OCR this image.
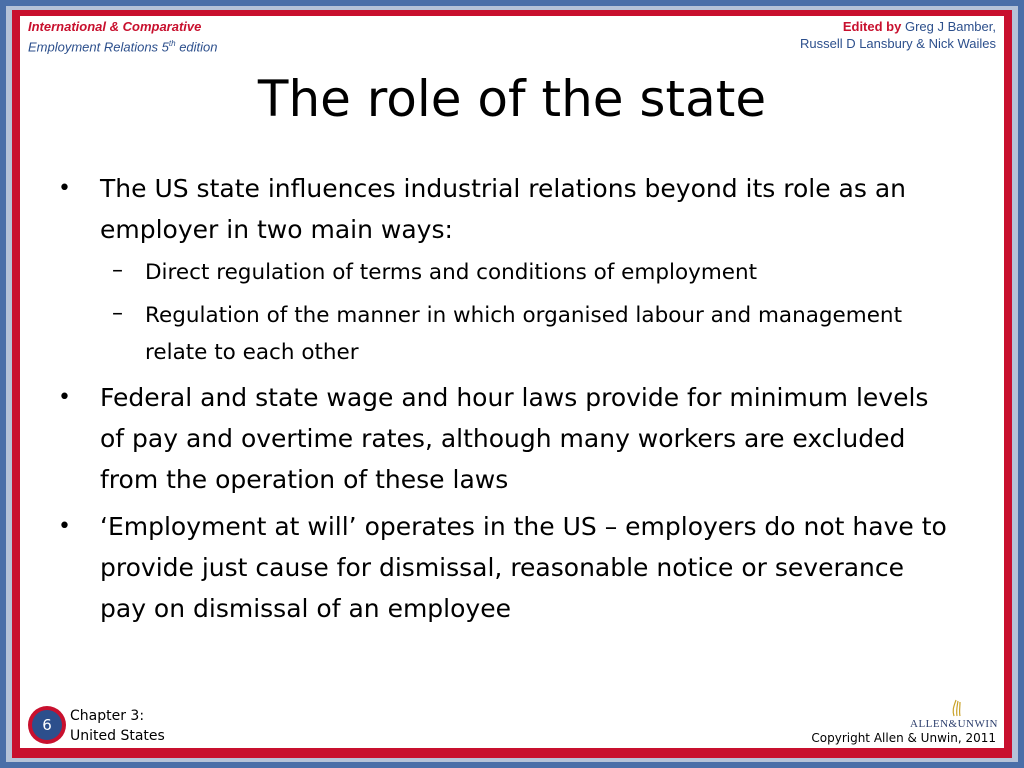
International & Comparative
Employment Relations 5th edition
Edited by Greg J Bamber,
Russell D Lansbury & Nick Wailes
The role of the state
• The US state influences industrial relations beyond its role as an employer in two main ways:
– Direct regulation of terms and conditions of employment
– Regulation of the manner in which organised labour and management relate to each other
• Federal and state wage and hour laws provide for minimum levels of pay and overtime rates, although many workers are excluded from the operation of these laws
• ‘Employment at will’ operates in the US – employers do not have to provide just cause for dismissal, reasonable notice or severance pay on dismissal of an employee
6	Chapter 3:
United States
ALLEN&UNWIN
Copyright Allen & Unwin, 2011
